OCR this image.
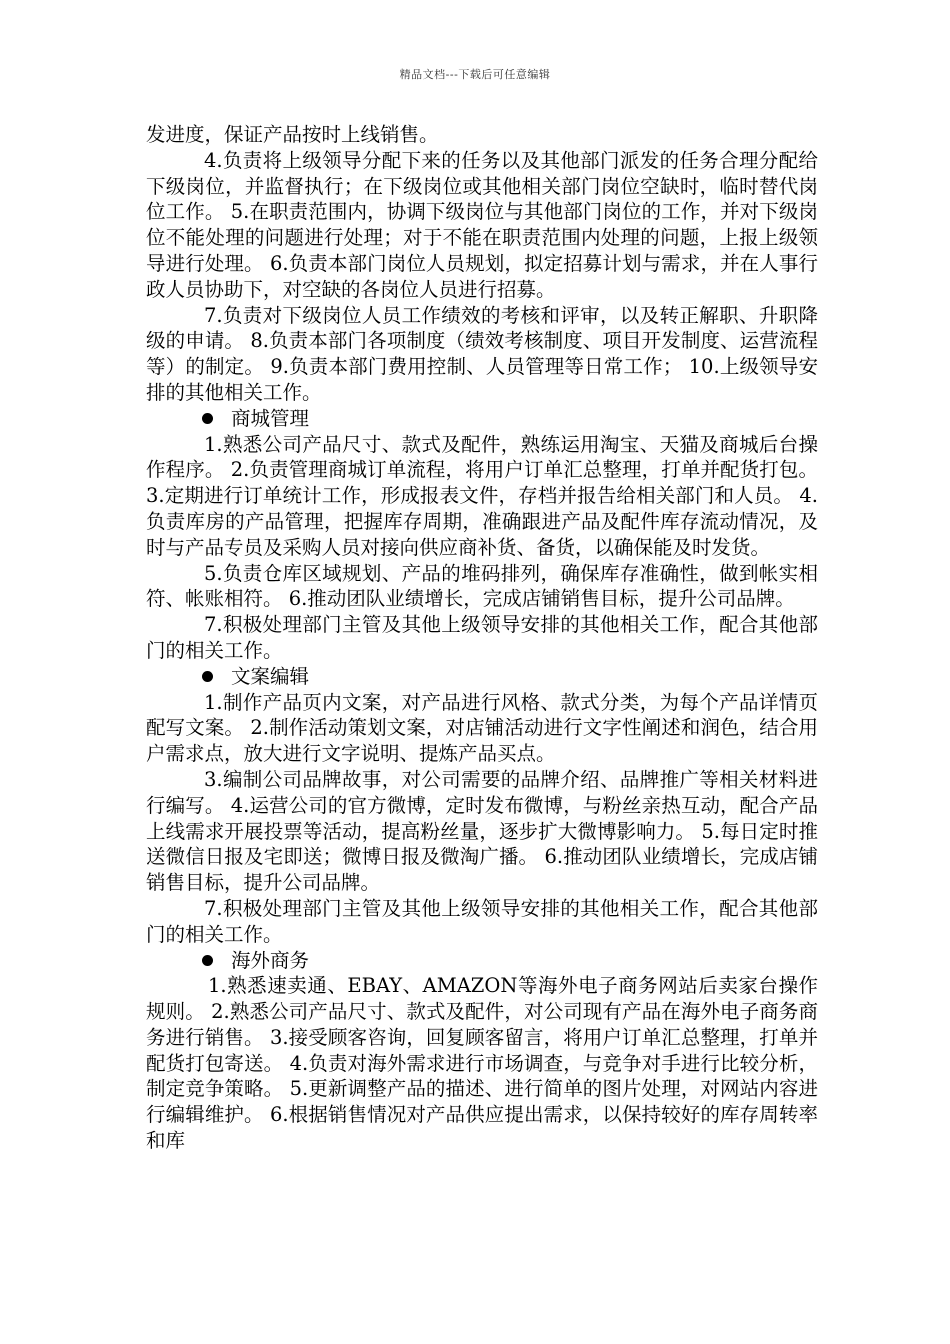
精品文档---下载后可任意编辑

发进度，保证产品按时上线销售。

4.负责将上级领导分配下来的任务以及其他部门派发的任务合理分配给下级岗位，并监督执行；在下级岗位或其他相关部门岗位空缺时，临时替代岗位工作。 5.在职责范围内，协调下级岗位与其他部门岗位的工作，并对下级岗位不能处理的问题进行处理；对于不能在职责范围内处理的问题，上报上级领导进行处理。 6.负责本部门岗位人员规划，拟定招募计划与需求，并在人事行政人员协助下，对空缺的各岗位人员进行招募。

7.负责对下级岗位人员工作绩效的考核和评审，以及转正解职、升职降级的申请。 8.负责本部门各项制度（绩效考核制度、项目开发制度、运营流程等）的制定。 9.负责本部门费用控制、人员管理等日常工作； 10.上级领导安排的其他相关工作。

商城管理

1.熟悉公司产品尺寸、款式及配件，熟练运用淘宝、天猫及商城后台操作程序。 2.负责管理商城订单流程，将用户订单汇总整理，打单并配货打包。 3.定期进行订单统计工作，形成报表文件，存档并报告给相关部门和人员。 4.负责库房的产品管理，把握库存周期，准确跟进产品及配件库存流动情况，及时与产品专员及采购人员对接向供应商补货、备货，以确保能及时发货。

5.负责仓库区域规划、产品的堆码排列，确保库存准确性，做到帐实相符、帐账相符。 6.推动团队业绩增长，完成店铺销售目标，提升公司品牌。

7.积极处理部门主管及其他上级领导安排的其他相关工作，配合其他部门的相关工作。

文案编辑

1.制作产品页内文案，对产品进行风格、款式分类，为每个产品详情页配写文案。 2.制作活动策划文案，对店铺活动进行文字性阐述和润色，结合用户需求点，放大进行文字说明、提炼产品买点。

3.编制公司品牌故事，对公司需要的品牌介绍、品牌推广等相关材料进行编写。 4.运营公司的官方微博，定时发布微博，与粉丝亲热互动，配合产品上线需求开展投票等活动，提高粉丝量，逐步扩大微博影响力。 5.每日定时推送微信日报及宅即送；微博日报及微淘广播。 6.推动团队业绩增长，完成店铺销售目标，提升公司品牌。

7.积极处理部门主管及其他上级领导安排的其他相关工作，配合其他部门的相关工作。

海外商务

1.熟悉速卖通、EBAY、AMAZON等海外电子商务网站后卖家台操作规则。 2.熟悉公司产品尺寸、款式及配件，对公司现有产品在海外电子商务商务进行销售。 3.接受顾客咨询，回复顾客留言，将用户订单汇总整理，打单并配货打包寄送。 4.负责对海外需求进行市场调查，与竞争对手进行比较分析，制定竞争策略。 5.更新调整产品的描述、进行简单的图片处理，对网站内容进行编辑维护。 6.根据销售情况对产品供应提出需求，以保持较好的库存周转率和库
